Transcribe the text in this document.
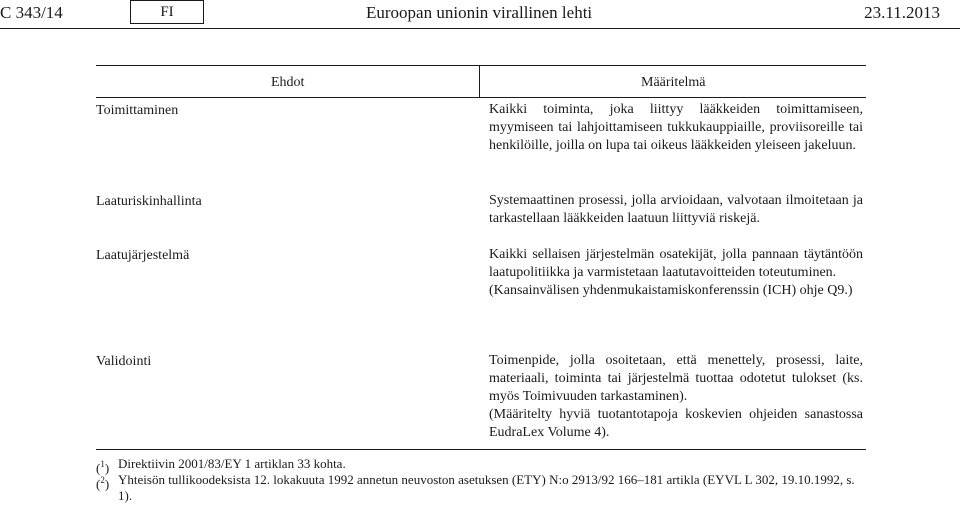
C 343/14	FI	Euroopan unionin virallinen lehti	23.11.2013
Ehdot	Määritelmä
Toimittaminen	Kaikki toiminta, joka liittyy lääkkeiden toimittamiseen, myymiseen tai lahjoittamiseen tukkukauppiaille, proviisoreille tai henkilöille, joilla on lupa tai oikeus lääkkeiden yleiseen jakeluun.

Laaturiskinhallinta	Systemaattinen prosessi, jolla arvioidaan, valvotaan ilmoitetaan ja tarkastellaan lääkkeiden laatuun liittyviä riskejä.

Laatujärjestelmä	Kaikki sellaisen järjestelmän osatekijät, jolla pannaan täytäntöön laatupolitiikka ja varmistetaan laatutavoitteiden toteutuminen.

(Kansainvälisen yhdenmukaistamiskonferenssin (ICH) ohje Q9.)

Validointi	Toimenpide, jolla osoitetaan, että menettely, prosessi, laite, materiaali, toiminta tai järjestelmä tuottaa odotetut tulokset (ks. myös Toimivuuden tarkastaminen).

(Määritelty hyviä tuotantotapoja koskevien ohjeiden sanastossa EudraLex Volume 4).

($^1$) Direktiivin 2001/83/EY 1 artiklan 33 kohta.
($^2$) Yhteisön tullikoodeksista 12. lokakuuta 1992 annetun neuvoston asetuksen (ETY) N:o 2913/92 166–181 artikla (EYVL L 302, 19.10.1992, s. 1).
